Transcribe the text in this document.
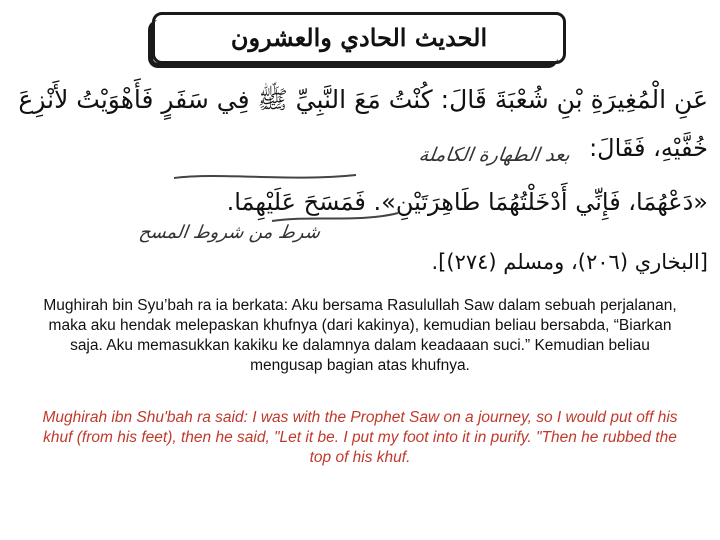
الحديث الحادي والعشرون
عَنِ الْمُغِيرَةِ بْنِ شُعْبَةَ قَالَ: كُنْتُ مَعَ النَّبِيِّ ﷺ فِي سَفَرٍ فَأَهْوَيْتُ لأَنْزِعَ
خُفَّيْهِ، فَقَالَ:
بعد الطهارة الكاملة
«دَعْهُمَا، فَإِنِّي أَدْخَلْتُهُمَا طَاهِرَتَيْنِ». فَمَسَحَ عَلَيْهِمَا.
شرط من شروط المسح
[البخاري (٢٠٦)، ومسلم (٢٧٤)].
Mughirah bin Syu’bah ra ia berkata: Aku bersama Rasulullah Saw dalam sebuah perjalanan, maka aku hendak melepaskan khufnya (dari kakinya), kemudian beliau bersabda, “Biarkan saja. Aku memasukkan kakiku ke dalamnya dalam keadaaan suci.” Kemudian beliau mengusap bagian atas khufnya.
Mughirah ibn Shu'bah ra said: I was with the Prophet Saw on a journey, so I would put off his khuf (from his feet), then he said, "Let it be. I put my foot into it in purify. "Then he rubbed the top of his khuf.
